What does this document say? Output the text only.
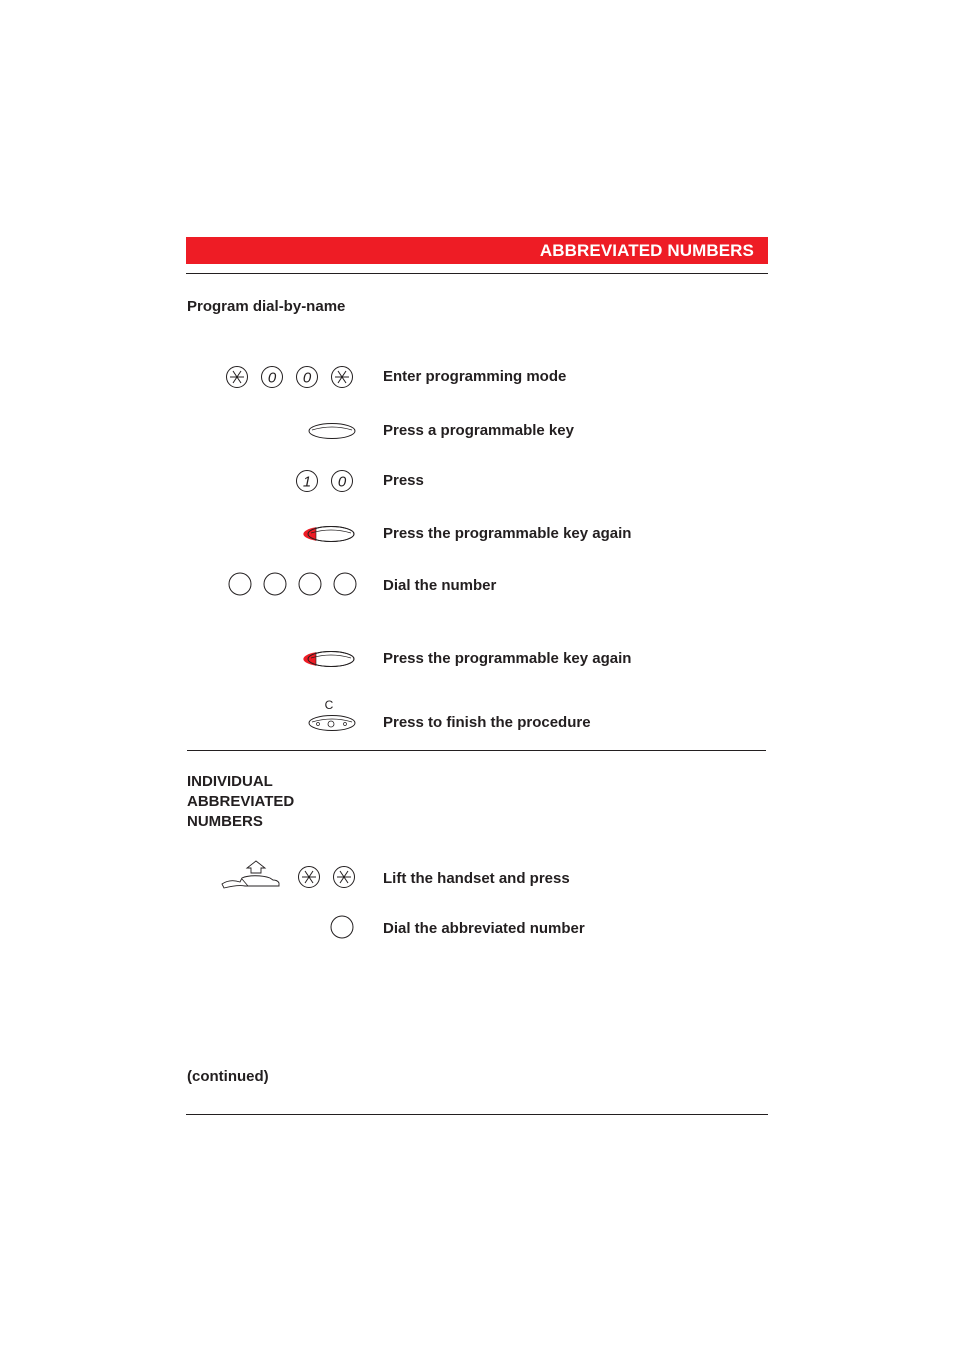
ABBREVIATED NUMBERS
Program dial-by-name
0 0	Enter programming mode
Press a programmable key
1 0 Press
Press the programmable key again
Dial the number
Press the programmable key again
C
Press to finish the procedure
INDIVIDUAL
ABBREVIATED
NUMBERS
Lift the handset and press
Dial the abbreviated number
(continued)
